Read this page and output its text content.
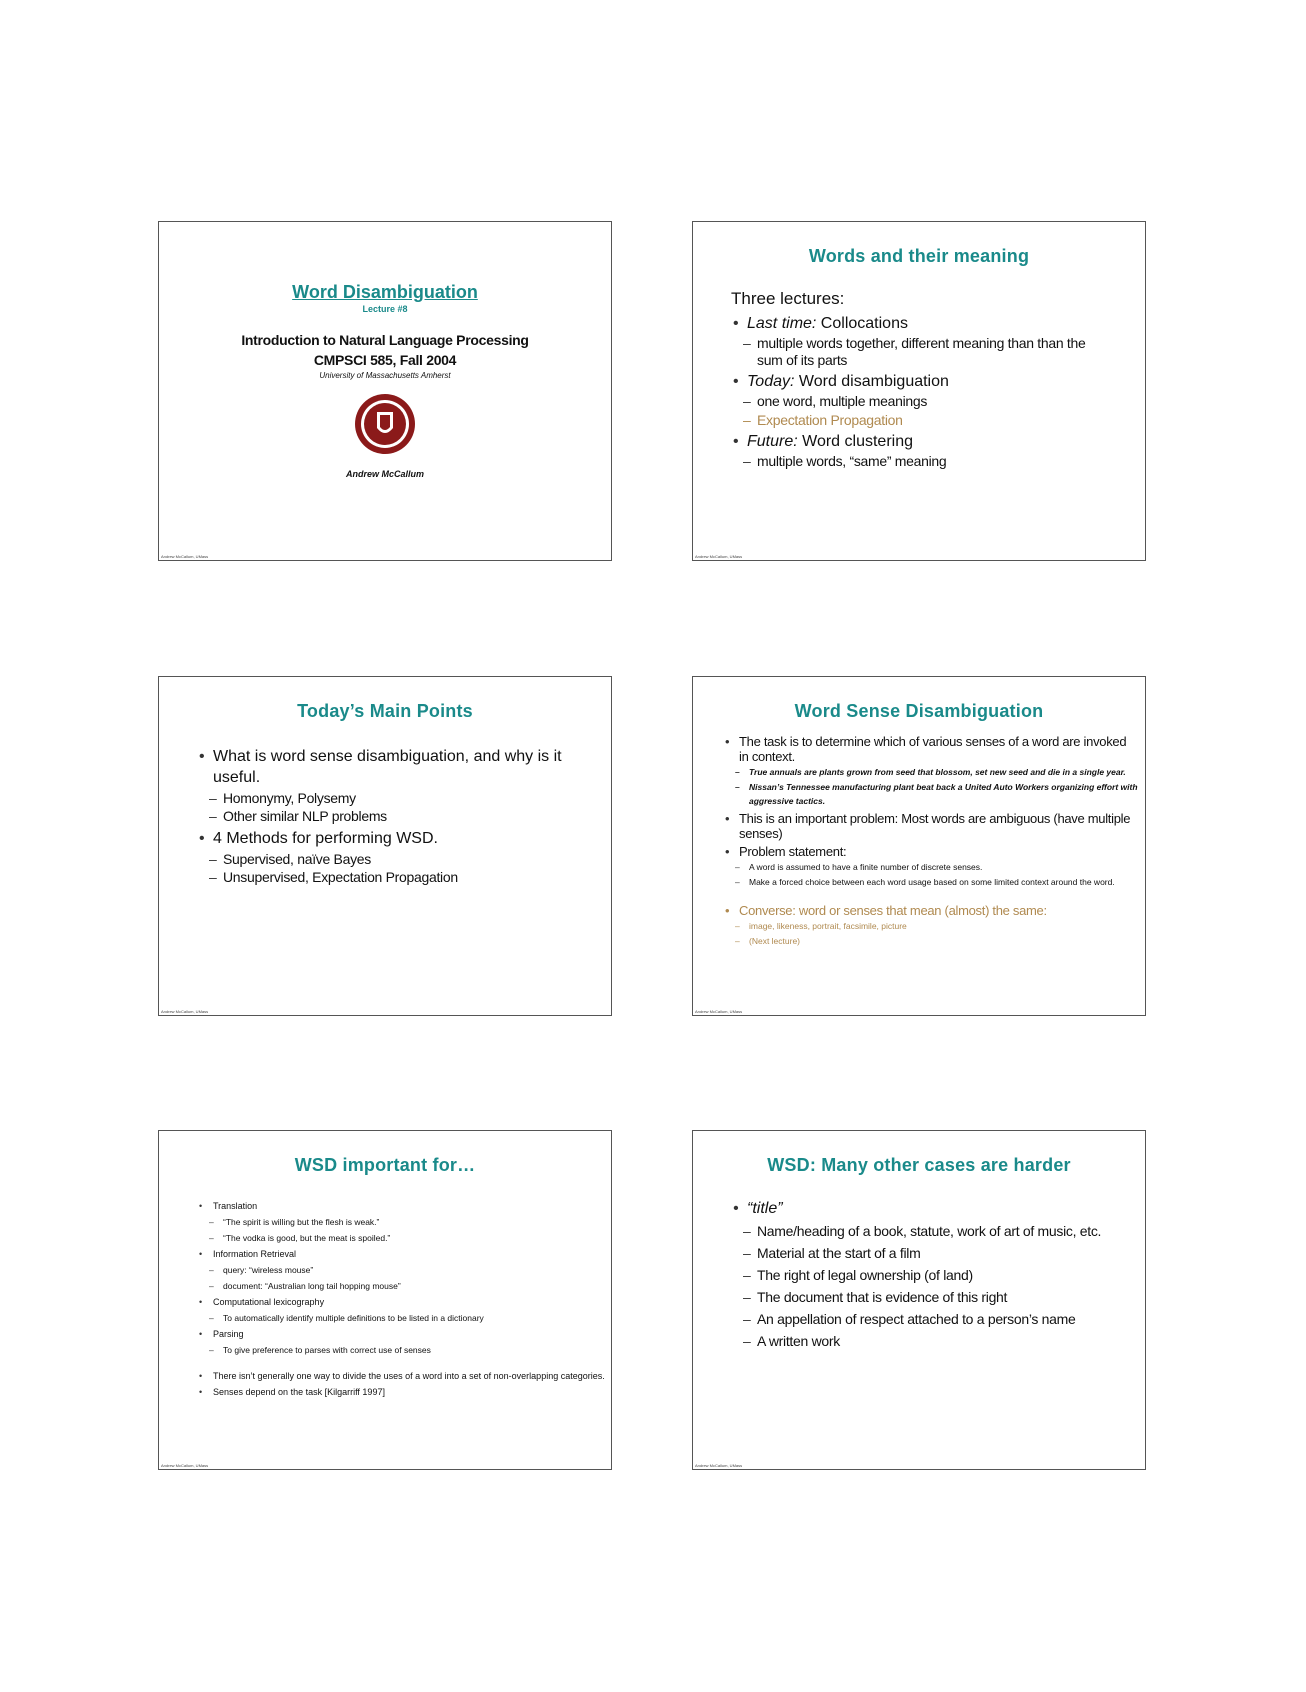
Word Disambiguation
Lecture #8
Introduction to Natural Language Processing
CMPSCI 585, Fall 2004
University of Massachusetts Amherst
Andrew McCallum
Andrew McCallum, UMass
Words and their meaning
Three lectures:
• Last time: Collocations
– multiple words together, different meaning than than the sum of its parts
• Today: Word disambiguation
– one word, multiple meanings
– Expectation Propagation
• Future: Word clustering
– multiple words, “same” meaning
Andrew McCallum, UMass
Today’s Main Points
• What is word sense disambiguation, and why is it useful.
– Homonymy, Polysemy
– Other similar NLP problems
• 4 Methods for performing WSD.
– Supervised, naïve Bayes
– Unsupervised, Expectation Propagation
Andrew McCallum, UMass
Word Sense Disambiguation
• The task is to determine which of various senses of a word are invoked in context.
– True annuals are plants grown from seed that blossom, set new seed and die in a single year.
– Nissan’s Tennessee manufacturing plant beat back a United Auto Workers organizing effort with aggressive tactics.
• This is an important problem: Most words are ambiguous (have multiple senses)
• Problem statement:
– A word is assumed to have a finite number of discrete senses.
– Make a forced choice between each word usage based on some limited context around the word.
• Converse: word or senses that mean (almost) the same:
– image, likeness, portrait, facsimile, picture
– (Next lecture)
Andrew McCallum, UMass
WSD important for…
• Translation
– “The spirit is willing but the flesh is weak.”
– “The vodka is good, but the meat is spoiled.”
• Information Retrieval
– query: “wireless mouse”
– document: “Australian long tail hopping mouse”
• Computational lexicography
– To automatically identify multiple definitions to be listed in a dictionary
• Parsing
– To give preference to parses with correct use of senses
• There isn’t generally one way to divide the uses of a word into a set of non-overlapping categories.
• Senses depend on the task [Kilgarriff 1997]
Andrew McCallum, UMass
WSD: Many other cases are harder
• “title”
– Name/heading of a book, statute, work of art of music, etc.
– Material at the start of a film
– The right of legal ownership (of land)
– The document that is evidence of this right
– An appellation of respect attached to a person’s name
– A written work
Andrew McCallum, UMass
